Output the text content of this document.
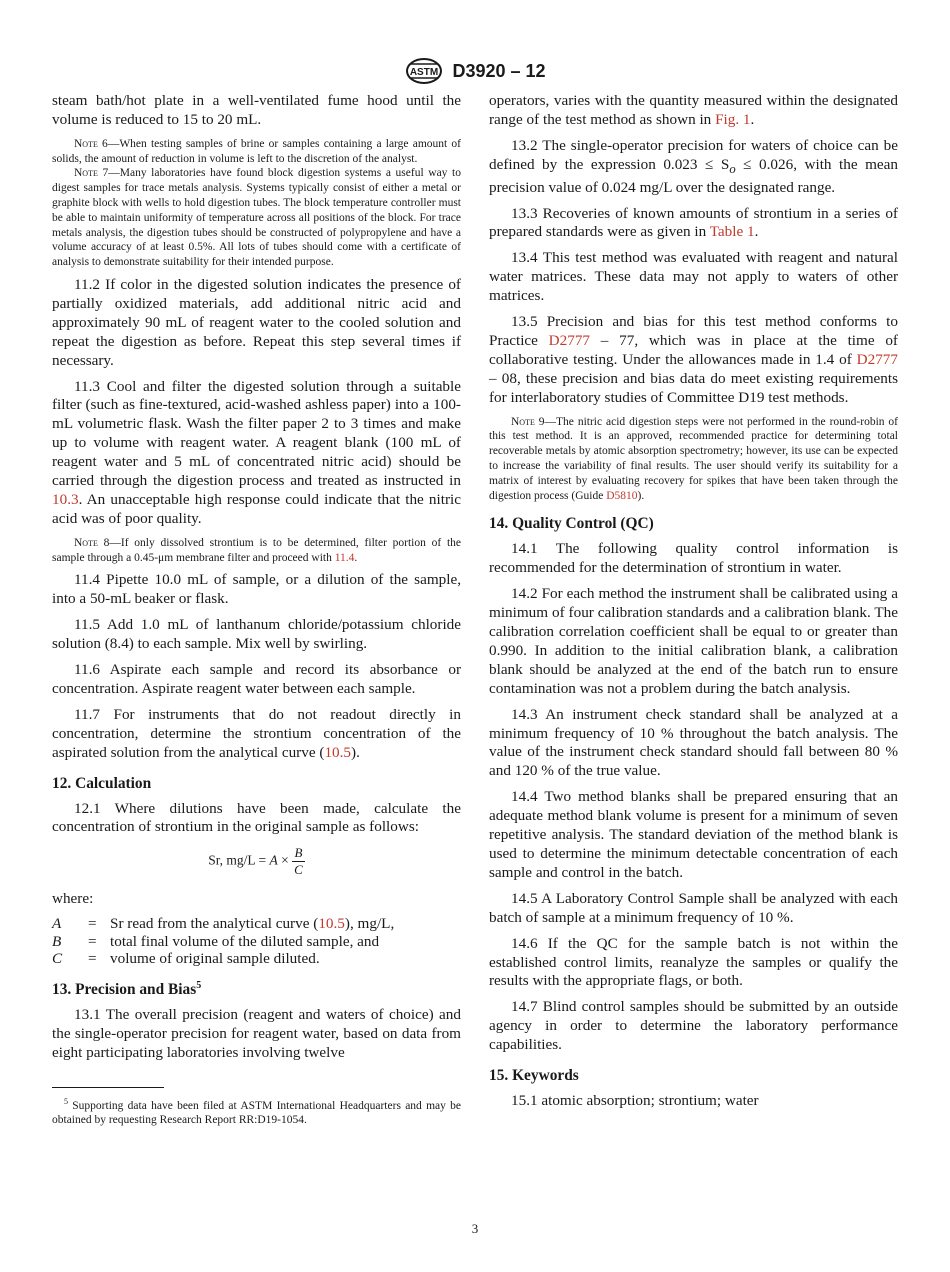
ASTM D3920 – 12

steam bath/hot plate in a well-ventilated fume hood until the volume is reduced to 15 to 20 mL.

Note 6—When testing samples of brine or samples containing a large amount of solids, the amount of reduction in volume is left to the discretion of the analyst.

Note 7—Many laboratories have found block digestion systems a useful way to digest samples for trace metals analysis. Systems typically consist of either a metal or graphite block with wells to hold digestion tubes. The block temperature controller must be able to maintain uniformity of temperature across all positions of the block. For trace metals analysis, the digestion tubes should be constructed of polypropylene and have a volume accuracy of at least 0.5%. All lots of tubes should come with a certificate of analysis to demonstrate suitability for their intended purpose.

11.2 If color in the digested solution indicates the presence of partially oxidized materials, add additional nitric acid and approximately 90 mL of reagent water to the cooled solution and repeat the digestion as before. Repeat this step several times if necessary.

11.3 Cool and filter the digested solution through a suitable filter (such as fine-textured, acid-washed ashless paper) into a 100-mL volumetric flask. Wash the filter paper 2 to 3 times and make up to volume with reagent water. A reagent blank (100 mL of reagent water and 5 mL of concentrated nitric acid) should be carried through the digestion process and treated as instructed in 10.3. An unacceptable high response could indicate that the nitric acid was of poor quality.

Note 8—If only dissolved strontium is to be determined, filter portion of the sample through a 0.45-μm membrane filter and proceed with 11.4.

11.4 Pipette 10.0 mL of sample, or a dilution of the sample, into a 50-mL beaker or flask.

11.5 Add 1.0 mL of lanthanum chloride/potassium chloride solution (8.4) to each sample. Mix well by swirling.

11.6 Aspirate each sample and record its absorbance or concentration. Aspirate reagent water between each sample.

11.7 For instruments that do not readout directly in concentration, determine the strontium concentration of the aspirated solution from the analytical curve (10.5).

12. Calculation

12.1 Where dilutions have been made, calculate the concentration of strontium in the original sample as follows:

Sr, $mg/L = A \times \frac{B}{C}$

where:

A	=	Sr read from the analytical curve (10.5), mg/L,
B	=	total final volume of the diluted sample, and
C	=	volume of original sample diluted.
13. Precision and Bias$^5$

13.1 The overall precision (reagent and waters of choice) and the single-operator precision for reagent water, based on data from eight participating laboratories involving twelve

$^5$ Supporting data have been filed at ASTM International Headquarters and may be obtained by requesting Research Report RR:D19-1054.

operators, varies with the quantity measured within the designated range of the test method as shown in Fig. 1.

13.2 The single-operator precision for waters of choice can be defined by the expression $0.023 \le S_o \le 0.026$, with the mean precision value of 0.024 mg/L over the designated range.

13.3 Recoveries of known amounts of strontium in a series of prepared standards were as given in Table 1.

13.4 This test method was evaluated with reagent and natural water matrices. These data may not apply to waters of other matrices.

13.5 Precision and bias for this test method conforms to Practice D2777 – 77, which was in place at the time of collaborative testing. Under the allowances made in 1.4 of D2777 – 08, these precision and bias data do meet existing requirements for interlaboratory studies of Committee D19 test methods.

Note 9—The nitric acid digestion steps were not performed in the round-robin of this test method. It is an approved, recommended practice for determining total recoverable metals by atomic absorption spectrometry; however, its use can be expected to increase the variability of final results. The user should verify its suitability for a matrix of interest by evaluating recovery for spikes that have been taken through the digestion process (Guide D5810).

14. Quality Control (QC)

14.1 The following quality control information is recommended for the determination of strontium in water.

14.2 For each method the instrument shall be calibrated using a minimum of four calibration standards and a calibration blank. The calibration correlation coefficient shall be equal to or greater than 0.990. In addition to the initial calibration blank, a calibration blank should be analyzed at the end of the batch run to ensure contamination was not a problem during the batch analysis.

14.3 An instrument check standard shall be analyzed at a minimum frequency of 10 % throughout the batch analysis. The value of the instrument check standard should fall between 80 % and 120 % of the true value.

14.4 Two method blanks shall be prepared ensuring that an adequate method blank volume is present for a minimum of seven repetitive analysis. The standard deviation of the method blank is used to determine the minimum detectable concentration of each sample and control in the batch.

14.5 A Laboratory Control Sample shall be analyzed with each batch of sample at a minimum frequency of 10 %.

14.6 If the QC for the sample batch is not within the established control limits, reanalyze the samples or qualify the results with the appropriate flags, or both.

14.7 Blind control samples should be submitted by an outside agency in order to determine the laboratory performance capabilities.

15. Keywords

15.1 atomic absorption; strontium; water

3
